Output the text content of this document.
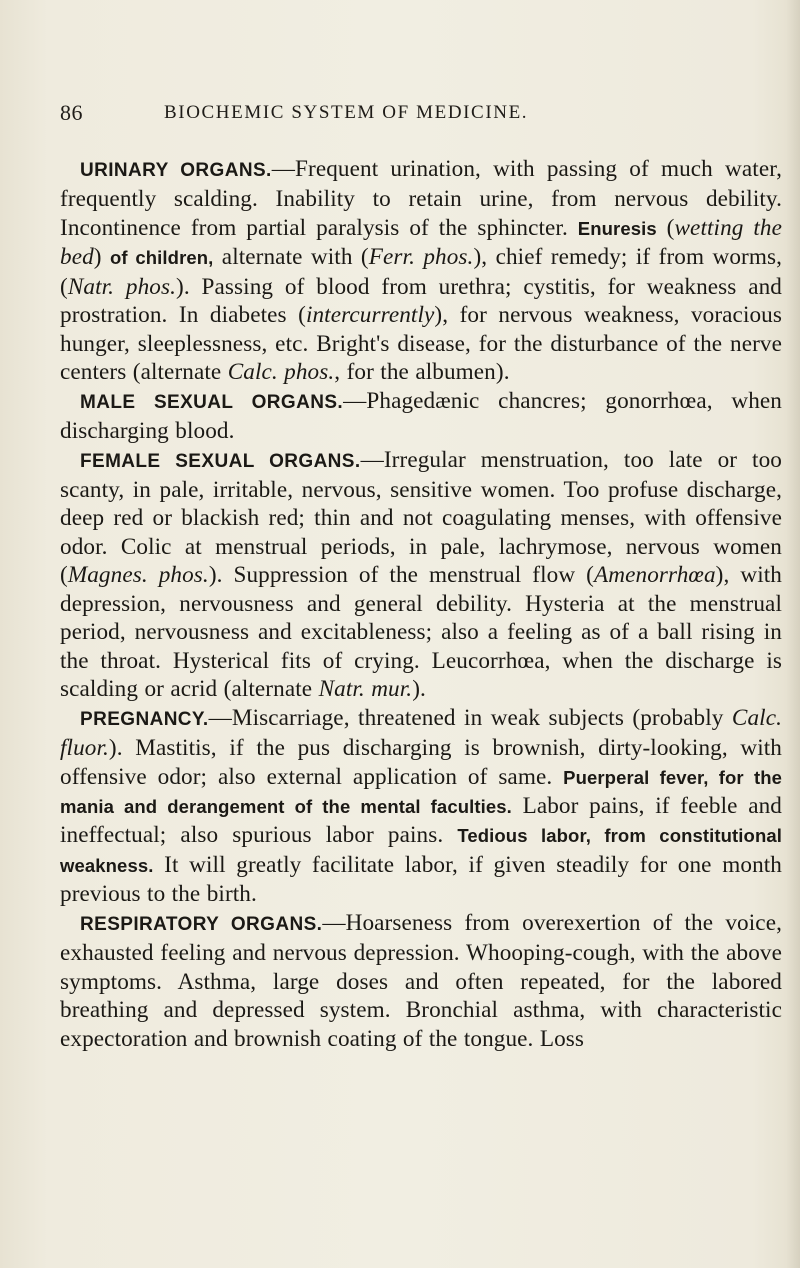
86	BIOCHEMIC SYSTEM OF MEDICINE.

URINARY ORGANS.—Frequent urination, with passing of much water, frequently scalding. Inability to retain urine, from nervous debility. Incontinence from partial paralysis of the sphincter. Enuresis (wetting the bed) of children, alternate with (Ferr. phos.), chief remedy; if from worms, (Natr. phos.). Passing of blood from urethra; cystitis, for weakness and prostration. In diabetes (intercurrently), for nervous weakness, voracious hunger, sleeplessness, etc. Bright's disease, for the disturbance of the nerve centers (alternate Calc. phos., for the albumen).

MALE SEXUAL ORGANS.—Phagedænic chancres; gonorrhœa, when discharging blood.

FEMALE SEXUAL ORGANS.—Irregular menstruation, too late or too scanty, in pale, irritable, nervous, sensitive women. Too profuse discharge, deep red or blackish red; thin and not coagulating menses, with offensive odor. Colic at menstrual periods, in pale, lachrymose, nervous women (Magnes. phos.). Suppression of the menstrual flow (Amenorrhœa), with depression, nervousness and general debility. Hysteria at the menstrual period, nervousness and excitableness; also a feeling as of a ball rising in the throat. Hysterical fits of crying. Leucorrhœa, when the discharge is scalding or acrid (alternate Natr. mur.).

PREGNANCY.—Miscarriage, threatened in weak subjects (probably Calc. fluor.). Mastitis, if the pus discharging is brownish, dirty-looking, with offensive odor; also external application of same. Puerperal fever, for the mania and derangement of the mental faculties. Labor pains, if feeble and ineffectual; also spurious labor pains. Tedious labor, from constitutional weakness. It will greatly facilitate labor, if given steadily for one month previous to the birth.

RESPIRATORY ORGANS.—Hoarseness from overexertion of the voice, exhausted feeling and nervous depression. Whooping-cough, with the above symptoms. Asthma, large doses and often repeated, for the labored breathing and depressed system. Bronchial asthma, with characteristic expectoration and brownish coating of the tongue. Loss
